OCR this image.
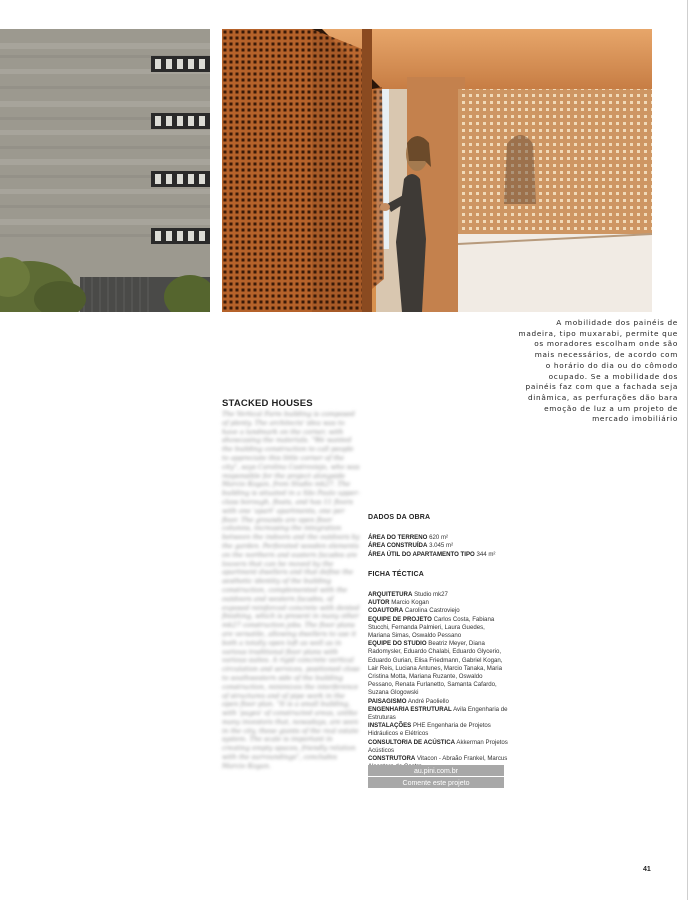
A mobilidade dos painéis de
madeira, tipo muxarabi, permite que
os moradores escolham onde são
mais necessários, de acordo com
o horário do dia ou do cômodo
ocupado. Se a mobilidade dos
painéis faz com que a fachada seja
dinâmica, as perfurações dão bara
emoção de luz a um projeto de
mercado imobiliário
STACKED HOUSES
The Vertical Farm building is composed of plenty. The architects' idea was to have a landmark on the corner, with showcasing the materials. "We wanted the building construction to call people to appreciate this little corner of the city", says Carolina Castroviejo, who was responsible for the project alongside Marcio Kogan, from Studio mk27. The building is situated in a São Paulo upper-class borough, floats, and has 11 floors with one 'apart' apartments, one per floor. The grounds are open floor columns, increasing the integration between the indoors and the outdoors by the garden. Perforated wooden elements on the northern and eastern facades are louvers that can be moved by the apartment dwellers and that define the aesthetic identity of the building construction, complemented with the outdoors and western facades, of exposed reinforced concrete with dented finishing, which is present in many other mk27 construction jobs. The floor plans are versatile, allowing dwellers to use it both a totally open loft as well as in various traditional floor plans with various suites. A rigid concrete vertical circulation and services, positioned close to southwestern side of the building construction, minimizes the interference of structures and of pipe work in the open floor plan. "It is a small building, with 'pages' of constructed areas, unlike many investors that, nowadays, are seen in the city, these giants of the real estate system. The scale is important in creating empty spaces, friendly relation with the surroundings", concludes Marcio Kogan.
DADOS DA OBRA
ÁREA DO TERRENO 620 m²
ÁREA CONSTRUÍDA 3.045 m²
ÁREA ÚTIL DO APARTAMENTO TIPO 344 m²
FICHA TÉCTICA
ARQUITETURA Studio mk27
AUTOR Marcio Kogan
COAUTORA Carolina Castroviejo
EQUIPE DE PROJETO Carlos Costa, Fabiana Stucchi, Fernanda Palmieri, Laura Guedes, Mariana Simas, Oswaldo Pessano
EQUIPE DO STUDIO Beatriz Meyer, Diana Radomysler, Eduardo Chalabi, Eduardo Glycerio, Eduardo Gurian, Elisa Friedmann, Gabriel Kogan, Lair Reis, Luciana Antunes, Marcio Tanaka, Maria Cristina Motta, Mariana Ruzante, Oswaldo Pessano, Renata Furlanetto, Samanta Cafardo, Suzana Glogowski
PAISAGISMO André Paoliello
ENGENHARIA ESTRUTURAL Avila Engenharia de Estruturas
INSTALAÇÕES PHE Engenharia de Projetos Hidráulicos e Elétricos
CONSULTORIA DE ACÚSTICA Akkerman Projetos Acústicos
CONSTRUTORA Vitacon - Abraão Frankel, Marcus
au.pini.com.br
Comente este projeto
41
